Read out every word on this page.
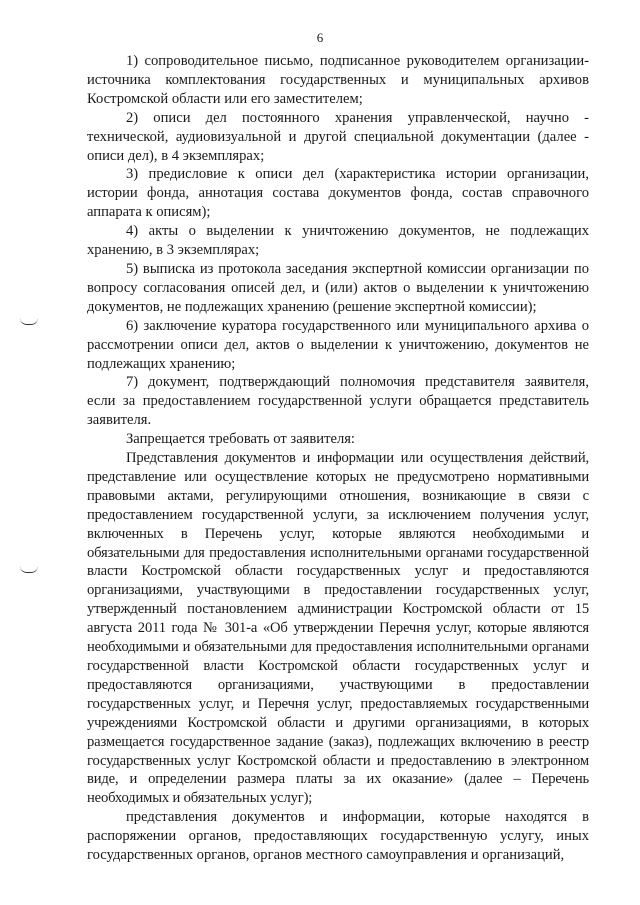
6

1) сопроводительное письмо, подписанное руководителем организации-источника комплектования государственных и муниципальных архивов Костромской области или его заместителем;

2) описи дел постоянного хранения управленческой, научно - технической, аудиовизуальной и другой специальной документации (далее - описи дел), в 4 экземплярах;

3) предисловие к описи дел (характеристика истории организации, истории фонда, аннотация состава документов фонда, состав справочного аппарата к описям);

4) акты о выделении к уничтожению документов, не подлежащих хранению, в 3 экземплярах;

5) выписка из протокола заседания экспертной комиссии организации по вопросу согласования описей дел, и (или) актов о выделении к уничтожению документов, не подлежащих хранению (решение экспертной комиссии);

6) заключение куратора государственного или муниципального архива о рассмотрении описи дел, актов о выделении к уничтожению, документов не подлежащих хранению;

7) документ, подтверждающий полномочия представителя заявителя, если за предоставлением государственной услуги обращается представитель заявителя.

Запрещается требовать от заявителя:

Представления документов и информации или осуществления действий, представление или осуществление которых не предусмотрено нормативными правовыми актами, регулирующими отношения, возникающие в связи с предоставлением государственной услуги, за исключением получения услуг, включенных в Перечень услуг, которые являются необходимыми и обязательными для предоставления исполнительными органами государственной власти Костромской области государственных услуг и предоставляются организациями, участвующими в предоставлении государственных услуг, утвержденный постановлением администрации Костромской области от 15 августа 2011 года № 301-а «Об утверждении Перечня услуг, которые являются необходимыми и обязательными для предоставления исполнительными органами государственной власти Костромской области государственных услуг и предоставляются организациями, участвующими в предоставлении государственных услуг, и Перечня услуг, предоставляемых государственными учреждениями Костромской области и другими организациями, в которых размещается государственное задание (заказ), подлежащих включению в реестр государственных услуг Костромской области и предоставлению в электронном виде, и определении размера платы за их оказание» (далее – Перечень необходимых и обязательных услуг);

представления документов и информации, которые находятся в распоряжении органов, предоставляющих государственную услугу, иных государственных органов, органов местного самоуправления и организаций,
